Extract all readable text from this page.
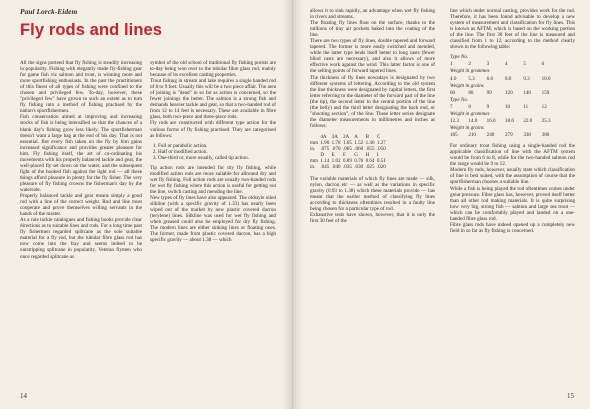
Paul Lorck-Eidem
Fly rods and lines

All the signs portend that fly fishing is steadily increasing in popularity. Fishing with elegantly made fly-fishing gear for game fish viz salmon and trout, is winning more and more sportfishing enthusiasts. In the past the practitioners of this finest of all types of fishing were confined to the chosen and privileged few. To-day, however, these "privileged few" have grown to such an extent as to turn fly fishing into a method of fishing practised by the nation's sportfishermen.

Fish conservation aimed at improving and increasing stocks of fish is being intensified so that the chances of a blank day's fishing grow less likely. The sportfisherman doesn't want a large bag at the end of his day. That is not essential. But every fish taken on the fly by him gains increased significance and provides greater pleasure for him. Fly fishing itself, the art of co-ordinating his movements with his properly balanced tackle and gear, the well-placed fly set down on the water, and the subsequent fight of the hooked fish against the light rod — all these things afford pleasure in plenty for the fly fisher. The very pleasure of fly fishing crowns the fisherman's day by the waterside.

Properly balanced tackle and gear means simply a good rod with a line of the correct weight. Rod and line must cooperate and prove themselves willing servants in the hands of the master.

As a rule tackle catalogues and fishing books provide clear directions as to suitable lines and rods. For a long time past fly fishermen regarded splitcane as the sole suitable material for a fly rod, but the tubular fibre glass rod has now come into the fray and seems indeed to be outstripping splitcane in popularity. Veteran flymen who once regarded splitcane as

symbol of the old school of traditional fly fishing purists are to-day being won over to the tubular fibre glass rod, mainly because of its excellent casting properties.

Trout fishing in stream and lake requires a single handed rod of 8 to 9 feet. Usually this will be a two piece affair. The area of joining is "dead" in so far as action is concerned, so the fewer joinings the better. The salmon is a strong fish and demands heavier tackle and gear, so that a two-handed rod of from 12 to 14 feet is necessary. These are available in fibre glass, both two-piece and three-piece rods.

Fly rods are constructed with different type action for the various forms of fly fishing practised. They are categorised as follows:

1. Full or parabolic action.
2. Half or modified action.
3. One-third or, more usually, called tip action.

Tip action rods are intended for dry fly fishing, while modified action rods are more suitable for allround dry and wet fly fishing. Full action rods are usually two-handed rods for wet fly fishing where this action is useful for getting out the line, switch casting and mending the line.

New types of fly lines have also appeared. The oldstyle oiled silkline (with a specific gravity of 1.33) has nearly been wiped out of the market by new plastic covered dacron (terylene) lines. Silkline was used for wet fly fishing and when greased could also be employed for dry fly fishing. The modern lines are either sinking lines or floating ones. The former, made from plastic covered dacron, has a high specific gravity — about 1.38 — which

14

allows it to sink rapidly, an advantage when wet fly fishing in rivers and streams.

The floating fly lines float on the surface, thanks to the millions of tiny air pockets baked into the coating of the line.

There are two types of fly lines, double tapered and forward tapered. The former is more easily switched and mended, while the latter type lends itself better to long casts (fewer blind casts are necessary), and also it allows of more effective work against the wind. This latter factor is one of the selling points of forward tapered lines.

The thickness of fly lines nowadays is designated by two different systems of lettering. According to the old system the line thickness were designated by capital letters, the first letter referring to the diameter of the forward part of the line (the tip), the second letter to the central portion of the line (the belly) and the third letter designating the back end, or "shooting section", of the line. These letter series designate the diameter measurements in millimetres and inches as follows:

	4A	3A	2A	A	B	C
mm	1.90	1.78	1.65	1.52	1.40	1.27
in.	.075	.070	.065	.060	.055	.050
	D	E	F	G	H	I
mm	1.14	1.02	0.89	0.76	0.64	0.51
in.	.045	.040	.035	.030	.025	.020

The variable materials of which fly lines are made — silk, nylon, dacron etc — as well as the variations in specific gravity (0.93 to 1.38) which these materials provide — has meant that the earlier method of classifying fly lines according to thickness oftentimes resulted in a faulty line being chosen for a particular type of rod.

Exhaustive tests have shown, however, that it is only the first 30 feet of the

line which under normal casting, provides work for the rod. Therefore, it has been found advisable to develop a new system of measurement and classification for fly lines. This is known as AFTM, which is based on the working portion of the line. The first 30 feet of the line is measured and classified from 1 to 12, according to the method clearly shown in the following table:

Type No.
1	2	3	4	5	6
Weight in grammes
4.0	5.3	6.6	8.0	9.3	10.6
Weight in grains
60	80	99	120	140	159
Type No.
7	8	9	10	11	12
Weight in grammes
12.3	14.0	16.0	18.6	22.0	25.3
Weight in grains
185	210	240	279	330	380

For ordinary trout fishing using a single-handed rod the applicable classification of line with the AFTM system would be from 6 to 8, while for the two-handed salmon rod the range would be 9 to 12.

Modern fly rods, however, usually state which classification of line is best suited, with the assumption of course that the sportfisherman chooses a suitable line.

While a fish is being played the rod oftentimes comes under great pressure. Fibre glass has, however, proved itself better than all other rod making materials. It is quite surprising how very big, strong fish — salmon and large sea trout — which can be comfortably played and landed on a one-handed fibre glass rod.

Fibre glass rods have indeed opened up a completely new field in so far as fly fishing is concerned.

15
